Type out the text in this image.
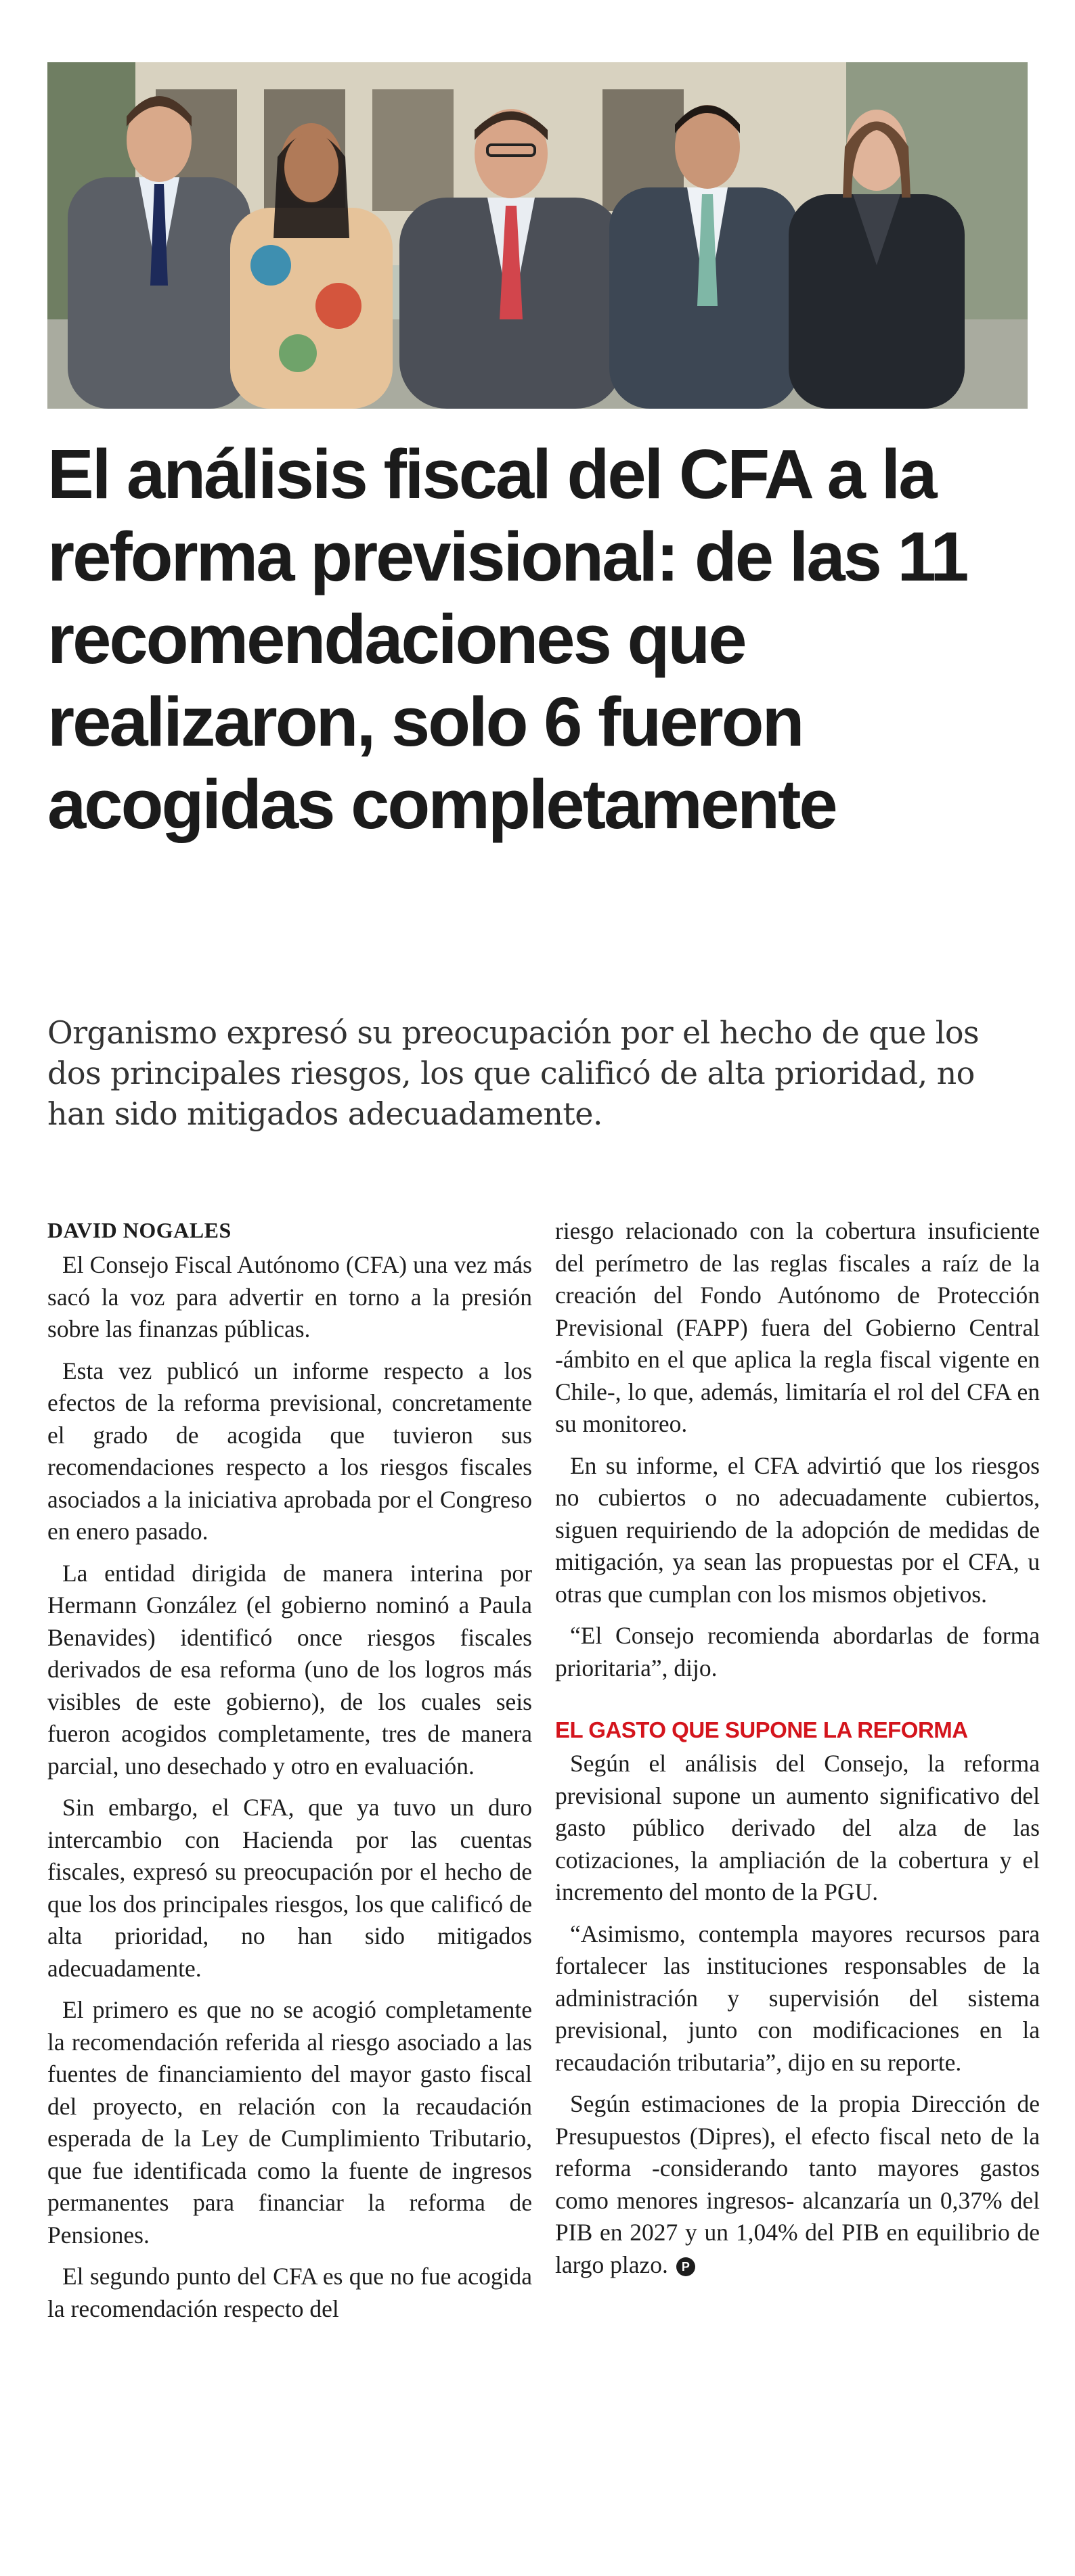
El análisis fiscal del CFA a la reforma previsional: de las 11 recomendaciones que realizaron, solo 6 fueron acogidas completamente

Organismo expresó su preocupación por el hecho de que los dos principales riesgos, los que calificó de alta prioridad, no han sido mitigados adecuadamente.

DAVID NOGALES

El Consejo Fiscal Autónomo (CFA) una vez más sacó la voz para advertir en torno a la presión sobre las finanzas públicas.

Esta vez publicó un informe respecto a los efectos de la reforma previsional, concretamente el grado de acogida que tuvieron sus recomendaciones respecto a los riesgos fiscales asociados a la iniciativa aprobada por el Congreso en enero pasado.

La entidad dirigida de manera interina por Hermann González (el gobierno nominó a Paula Benavides) identificó once riesgos fiscales derivados de esa reforma (uno de los logros más visibles de este gobierno), de los cuales seis fueron acogidos completamente, tres de manera parcial, uno desechado y otro en evaluación.

Sin embargo, el CFA, que ya tuvo un duro intercambio con Hacienda por las cuentas fiscales, expresó su preocupación por el hecho de que los dos principales riesgos, los que calificó de alta prioridad, no han sido mitigados adecuadamente.

El primero es que no se acogió completamente la recomendación referida al riesgo asociado a las fuentes de financiamiento del mayor gasto fiscal del proyecto, en relación con la recaudación esperada de la Ley de Cumplimiento Tributario, que fue identificada como la fuente de ingresos permanentes para financiar la reforma de Pensiones.

El segundo punto del CFA es que no fue acogida la recomendación respecto del

riesgo relacionado con la cobertura insuficiente del perímetro de las reglas fiscales a raíz de la creación del Fondo Autónomo de Protección Previsional (FAPP) fuera del Gobierno Central -ámbito en el que aplica la regla fiscal vigente en Chile-, lo que, además, limitaría el rol del CFA en su monitoreo.

En su informe, el CFA advirtió que los riesgos no cubiertos o no adecuadamente cubiertos, siguen requiriendo de la adopción de medidas de mitigación, ya sean las propuestas por el CFA, u otras que cumplan con los mismos objetivos.

“El Consejo recomienda abordarlas de forma prioritaria”, dijo.

EL GASTO QUE SUPONE LA REFORMA

Según el análisis del Consejo, la reforma previsional supone un aumento significativo del gasto público derivado del alza de las cotizaciones, la ampliación de la cobertura y el incremento del monto de la PGU.

“Asimismo, contempla mayores recursos para fortalecer las instituciones responsables de la administración y supervisión del sistema previsional, junto con modificaciones en la recaudación tributaria”, dijo en su reporte.

Según estimaciones de la propia Dirección de Presupuestos (Dipres), el efecto fiscal neto de la reforma -considerando tanto mayores gastos como menores ingresos- alcanzaría un 0,37% del PIB en 2027 y un 1,04% del PIB en equilibrio de largo plazo. P
